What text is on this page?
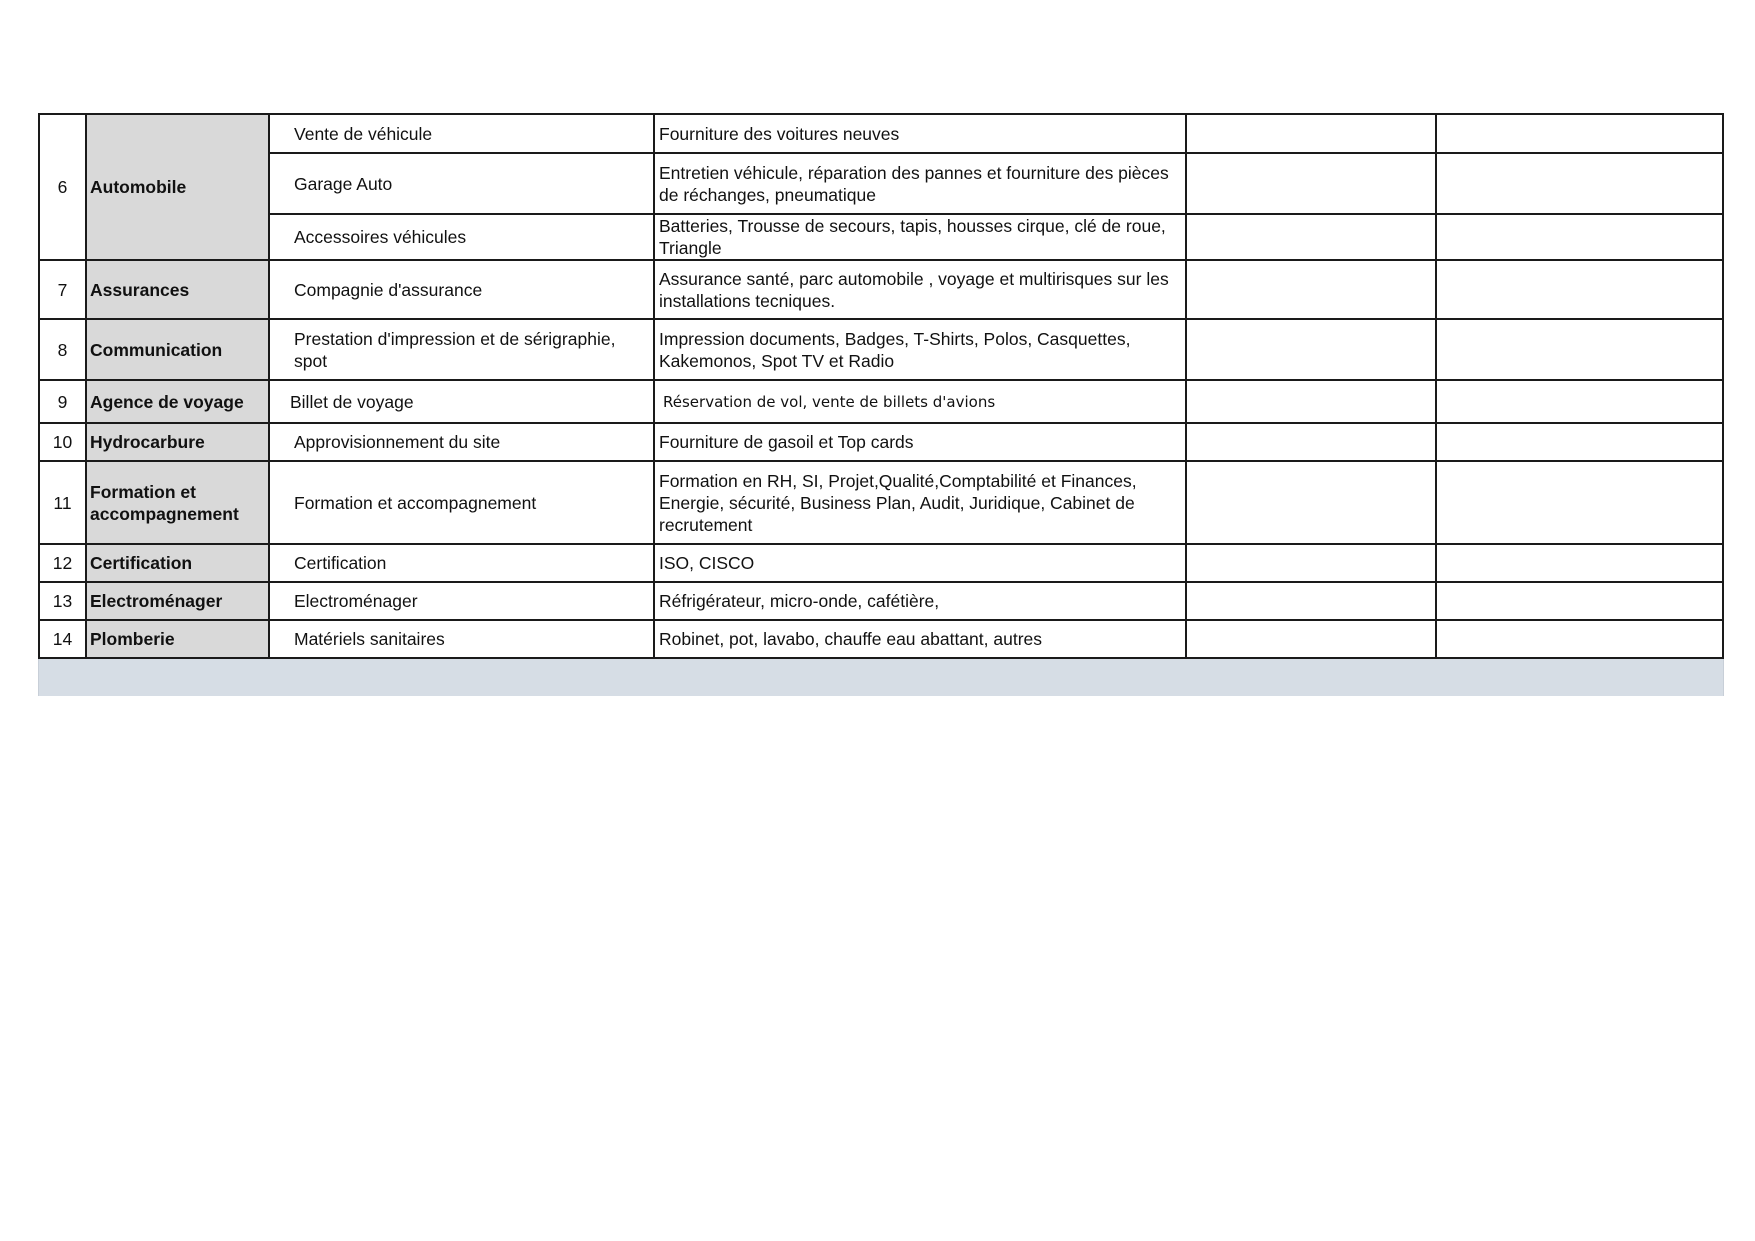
6	Automobile	Vente de véhicule	Fourniture des voitures neuves		
		Garage Auto	Entretien véhicule, réparation des pannes et fourniture des pièces de réchanges, pneumatique		
		Accessoires véhicules	Batteries, Trousse de secours, tapis, housses cirque, clé de roue, Triangle		
7	Assurances	Compagnie d'assurance	Assurance santé, parc automobile , voyage et multirisques sur les installations tecniques.		
8	Communication	Prestation d'impression et de sérigraphie, spot	Impression documents, Badges, T-Shirts, Polos, Casquettes, Kakemonos, Spot TV et Radio		
9	Agence de voyage	Billet de voyage	Réservation de vol, vente de billets d'avions		
10	Hydrocarbure	Approvisionnement du site	Fourniture de gasoil et Top cards		
11	Formation et accompagnement	Formation et accompagnement	Formation en RH, SI, Projet,Qualité,Comptabilité et Finances, Energie, sécurité, Business Plan, Audit, Juridique, Cabinet de recrutement		
12	Certification	Certification	ISO, CISCO		
13	Electroménager	Electroménager	Réfrigérateur, micro-onde, cafétière,		
14	Plomberie	Matériels sanitaires	Robinet, pot, lavabo, chauffe eau abattant, autres		
